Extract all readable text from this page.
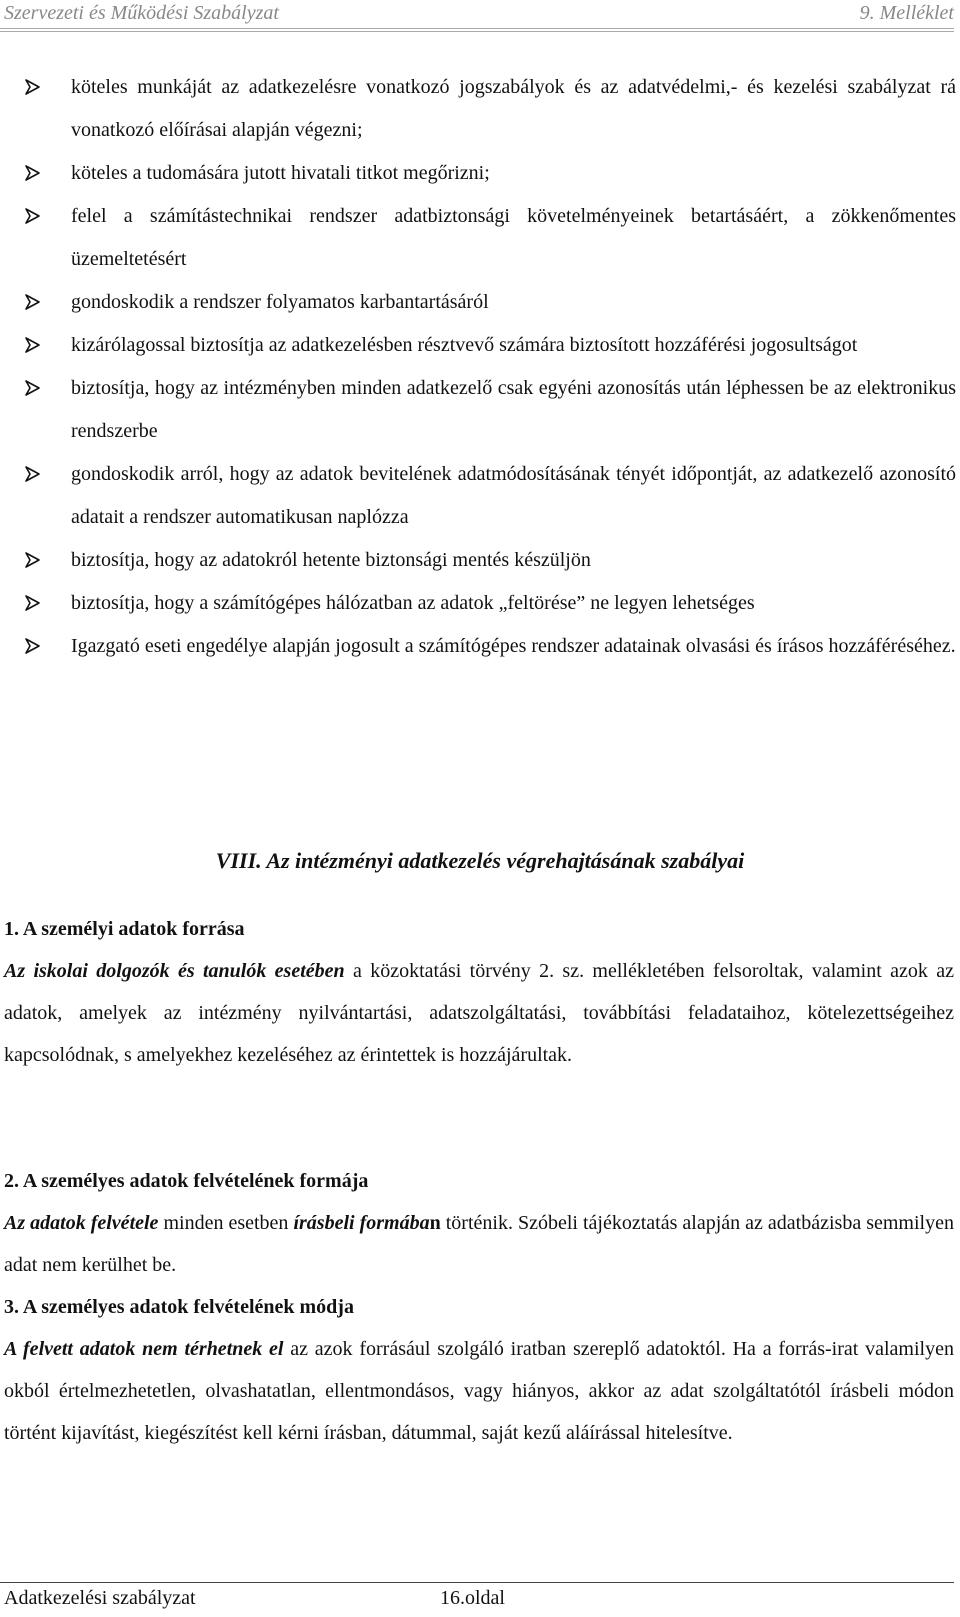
Szervezeti és Működési Szabályzat	9. Melléklet
köteles munkáját az adatkezelésre vonatkozó jogszabályok és az adatvédelmi,- és kezelési szabályzat rá vonatkozó előírásai alapján végezni;
köteles a tudomására jutott hivatali titkot megőrizni;
felel a számítástechnikai rendszer adatbiztonsági követelményeinek betartásáért, a zökkenőmentes üzemeltetésért
gondoskodik a rendszer folyamatos karbantartásáról
kizárólagossal biztosítja az adatkezelésben résztvevő számára biztosított hozzáférési jogosultságot
biztosítja, hogy az intézményben minden adatkezelő csak egyéni azonosítás után léphessen be az elektronikus rendszerbe
gondoskodik arról, hogy az adatok bevitelének adatmódosításának tényét időpontját, az adatkezelő azonosító adatait a rendszer automatikusan naplózza
biztosítja, hogy az adatokról hetente biztonsági mentés készüljön
biztosítja, hogy a számítógépes hálózatban az adatok „feltörése” ne legyen lehetséges
Igazgató eseti engedélye alapján jogosult a számítógépes rendszer adatainak olvasási és írásos hozzáféréséhez.
VIII. Az intézményi adatkezelés végrehajtásának szabályai
1. A személyi adatok forrása
Az iskolai dolgozók és tanulók esetében a közoktatási törvény 2. sz. mellékletében felsoroltak, valamint azok az adatok, amelyek az intézmény nyilvántartási, adatszolgáltatási, továbbítási feladataihoz, kötelezettségeihez kapcsolódnak, s amelyekhez kezeléséhez az érintettek is hozzájárultak.
2. A személyes adatok felvételének formája
Az adatok felvétele minden esetben írásbeli formában történik. Szóbeli tájékoztatás alapján az adatbázisba semmilyen adat nem kerülhet be.
3. A személyes adatok felvételének módja
A felvett adatok nem térhetnek el az azok forrásául szolgáló iratban szereplő adatoktól. Ha a forrás-irat valamilyen okból értelmezhetetlen, olvashatatlan, ellentmondásos, vagy hiányos, akkor az adat szolgáltatótól írásbeli módon történt kijavítást, kiegészítést kell kérni írásban, dátummal, saját kezű aláírással hitelesítve.
Adatkezelési szabályzat	16.oldal
